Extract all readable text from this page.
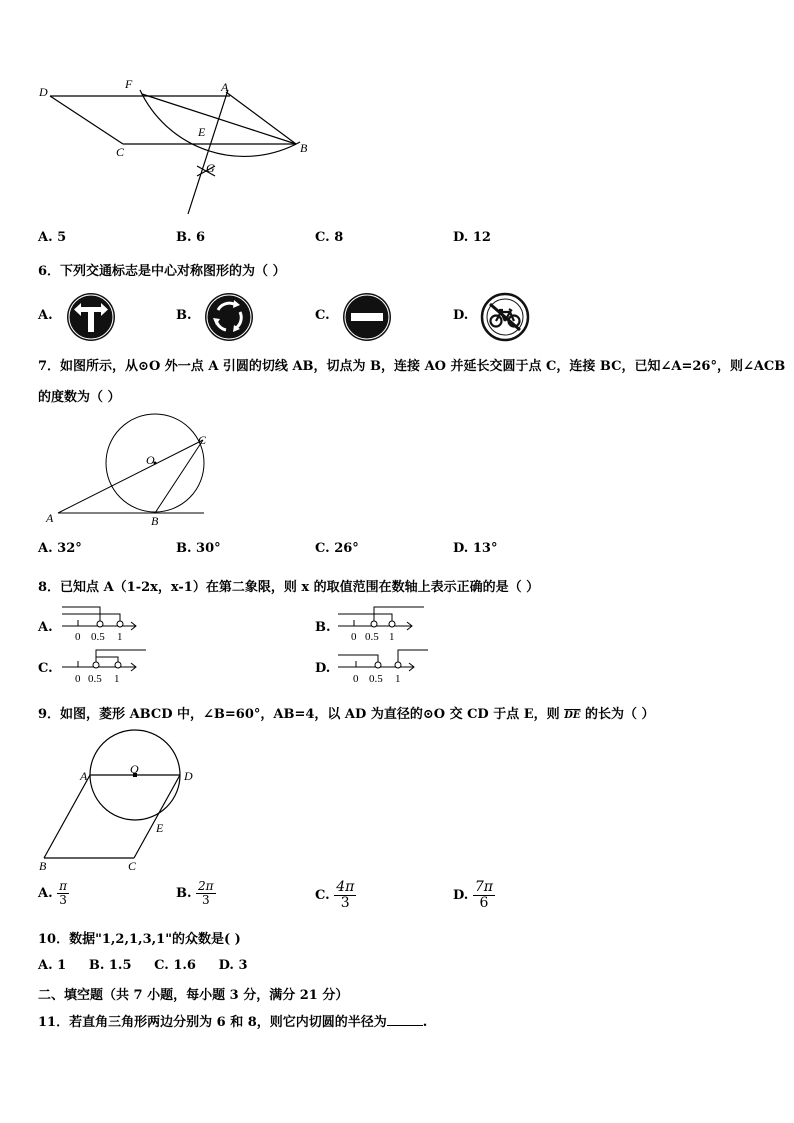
D
F	A
E
C	B
G
A. 5	B. 6	C. 8	D. 12
6．下列交通标志是中心对称图形的为（ ）
A.	B.	C.	D.
7．如图所示，从⊙O 外一点 A 引圆的切线 AB，切点为 B，连接 AO 并延长交圆于点 C，连接 BC，已知∠A=26°，则∠ACB
的度数为（ ）
O
C
A	B
A. 32°	B. 30°	C. 26°	D. 13°
8．已知点 A（1-2x，x-1）在第二象限，则 x 的取值范围在数轴上表示正确的是（ ）
A.
0 0.5 1
B.
0 0.5 1
C.
0 0.5 1
D.
0 0.5 1
9．如图，菱形 ABCD 中，∠B=60°，AB=4，以 AD 为直径的⊙O 交 CD 于点 E，则 $\overline{DE}$ 的长为（ ）
O
A	D
E
B	C
A. $\frac{\pi}{3}$	B. $\frac{2\pi}{3}$	C. $\frac{4\pi}{3}$	D. $\frac{7\pi}{6}$
10．数据"1,2,1,3,1"的众数是( )
A. 1 B. 1.5 C. 1.6 D. 3
二、填空题（共 7 小题，每小题 3 分，满分 21 分）
11．若直角三角形两边分别为 6 和 8，则它内切圆的半径为	.
